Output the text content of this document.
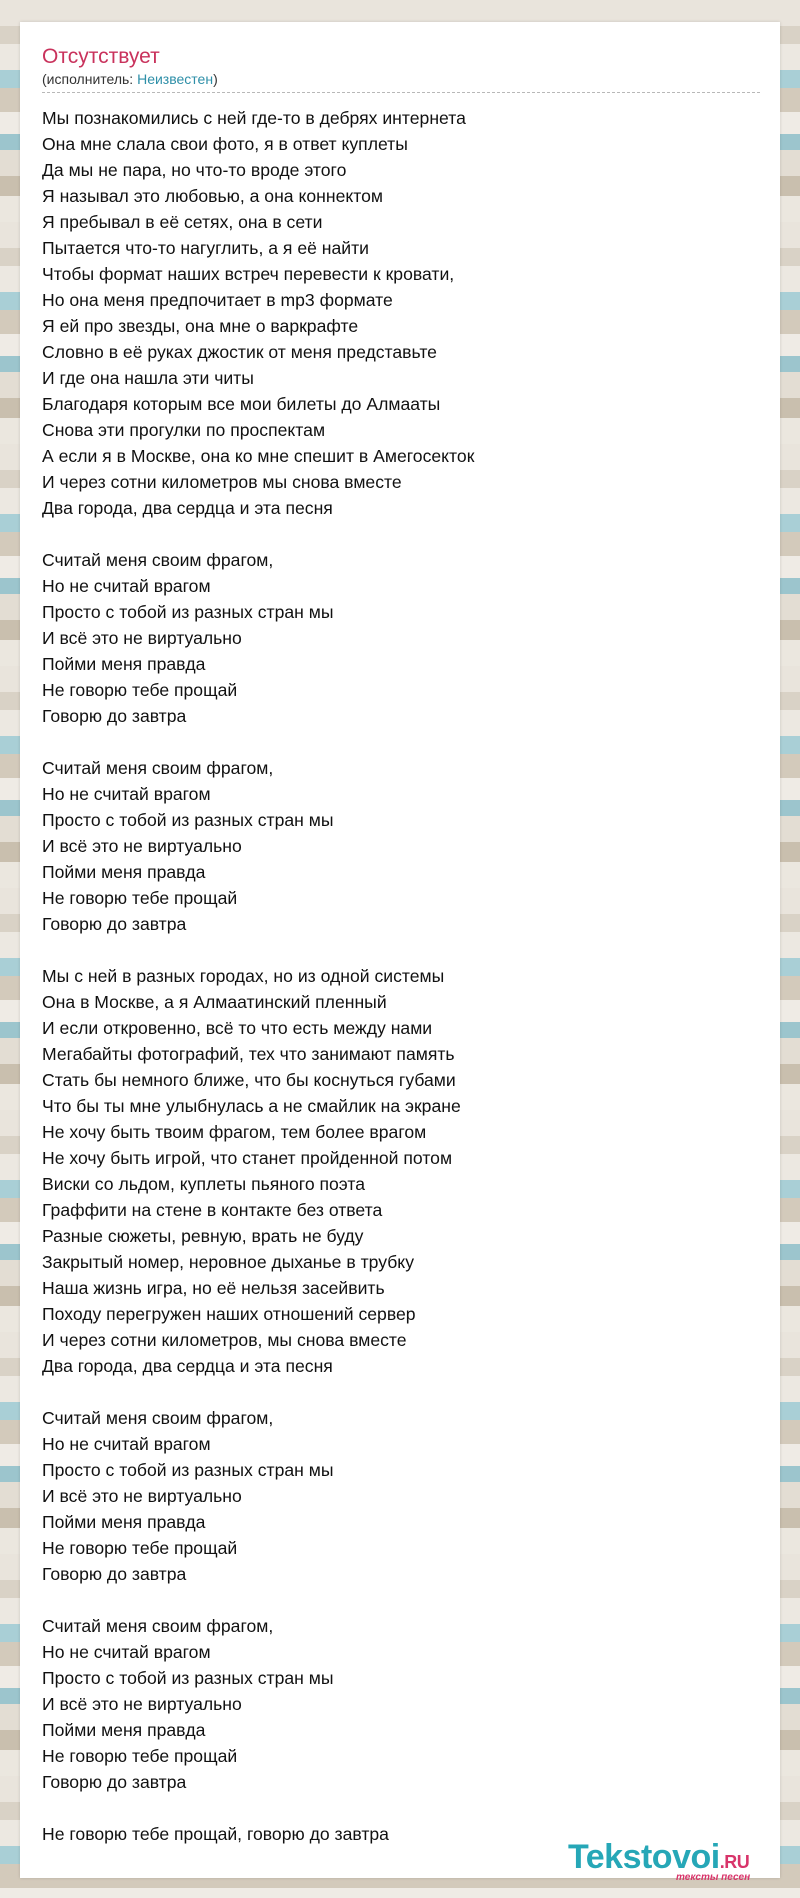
Отсутствует
(исполнитель: Неизвестен)
Мы познакомились с ней где-то в дебрях интернета
Она мне слала свои фото, я в ответ куплеты
Да мы не пара, но что-то вроде этого
Я называл это любовью, а она коннектом
Я пребывал в её сетях, она в сети
Пытается что-то нагуглить, а я её найти
Чтобы формат наших встреч перевести к кровати,
Но она меня предпочитает в mp3 формате
Я ей про звезды, она мне о варкрафте
Словно в её руках джостик от меня представьте
И где она нашла эти читы
Благодаря которым все мои билеты до Алмааты
Снова эти прогулки по проспектам
А если я в Москве, она ко мне спешит в Амегосекток
И через сотни километров мы снова вместе
Два города, два сердца и эта песня
Считай меня своим фрагом,
Но не считай врагом
Просто с тобой из разных стран мы
И всё это не виртуально
Пойми меня правда
Не говорю тебе прощай
Говорю до завтра
Считай меня своим фрагом,
Но не считай врагом
Просто с тобой из разных стран мы
И всё это не виртуально
Пойми меня правда
Не говорю тебе прощай
Говорю до завтра
Мы с ней в разных городах, но из одной системы
Она в Москве, а я Алмаатинский пленный
И если откровенно, всё то что есть между нами
Мегабайты фотографий, тех что занимают память
Стать бы немного ближе, что бы коснуться губами
Что бы ты мне улыбнулась а не смайлик на экране
Не хочу быть твоим фрагом, тем более врагом
Не хочу быть игрой, что станет пройденной потом
Виски со льдом, куплеты пьяного поэта
Граффити на стене в контакте без ответа
Разные сюжеты, ревную, врать не буду
Закрытый номер, неровное дыханье в трубку
Наша жизнь игра, но её нельзя засейвить
Походу перегружен наших отношений сервер
И через сотни километров, мы снова вместе
Два города, два сердца и эта песня
Считай меня своим фрагом,
Но не считай врагом
Просто с тобой из разных стран мы
И всё это не виртуально
Пойми меня правда
Не говорю тебе прощай
Говорю до завтра
Считай меня своим фрагом,
Но не считай врагом
Просто с тобой из разных стран мы
И всё это не виртуально
Пойми меня правда
Не говорю тебе прощай
Говорю до завтра
Не говорю тебе прощай, говорю до завтра
Tekstovoi.RU
тексты песен
